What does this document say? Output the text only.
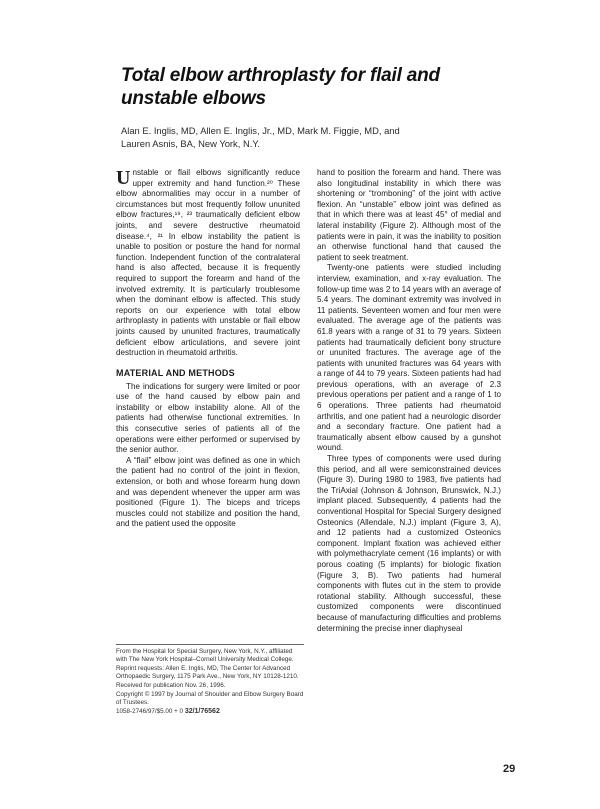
Total elbow arthroplasty for flail and
unstable elbows
Alan E. Inglis, MD, Allen E. Inglis, Jr., MD, Mark M. Figgie, MD, and
Lauren Asnis, BA, New York, N.Y.

Unstable or flail elbows significantly reduce upper extremity and hand function.²⁰ These elbow abnormalities may occur in a number of circumstances but most frequently follow ununited elbow fractures,¹⁹, ²³ traumatically deficient elbow joints, and severe destructive rheumatoid disease.⁴, ²¹ In elbow instability the patient is unable to position or posture the hand for normal function. Independent function of the contralateral hand is also affected, because it is frequently required to support the forearm and hand of the involved extremity. It is particularly troublesome when the dominant elbow is affected. This study reports on our experience with total elbow arthroplasty in patients with unstable or flail elbow joints caused by ununited fractures, traumatically deficient elbow articulations, and severe joint destruction in rheumatoid arthritis.

MATERIAL AND METHODS

The indications for surgery were limited or poor use of the hand caused by elbow pain and instability or elbow instability alone. All of the patients had otherwise functional extremities. In this consecutive series of patients all of the operations were either performed or supervised by the senior author.

A “flail” elbow joint was defined as one in which the patient had no control of the joint in flexion, extension, or both and whose forearm hung down and was dependent whenever the upper arm was positioned (Figure 1). The biceps and triceps muscles could not stabilize and position the hand, and the patient used the opposite

From the Hospital for Special Surgery, New York, N.Y., affiliated with The New York Hospital–Cornell University Medical College.

Reprint requests: Allen E. Inglis, MD, The Center for Advanced Orthopaedic Surgery, 1175 Park Ave., New York, NY 10128-1210.

Received for publication Nov. 26, 1996.

Copyright © 1997 by Journal of Shoulder and Elbow Surgery Board of Trustees.

1058-2746/97/$5.00 + 0 32/1/76562

hand to position the forearm and hand. There was also longitudinal instability in which there was shortening or “tromboning” of the joint with active flexion. An “unstable” elbow joint was defined as that in which there was at least 45° of medial and lateral instability (Figure 2). Although most of the patients were in pain, it was the inability to position an otherwise functional hand that caused the patient to seek treatment.

Twenty-one patients were studied including interview, examination, and x-ray evaluation. The follow-up time was 2 to 14 years with an average of 5.4 years. The dominant extremity was involved in 11 patients. Seventeen women and four men were evaluated. The average age of the patients was 61.8 years with a range of 31 to 79 years. Sixteen patients had traumatically deficient bony structure or ununited fractures. The average age of the patients with ununited fractures was 64 years with a range of 44 to 79 years. Sixteen patients had had previous operations, with an average of 2.3 previous operations per patient and a range of 1 to 6 operations. Three patients had rheumatoid arthritis, and one patient had a neurologic disorder and a secondary fracture. One patient had a traumatically absent elbow caused by a gunshot wound.

Three types of components were used during this period, and all were semiconstrained devices (Figure 3). During 1980 to 1983, five patients had the TriAxial (Johnson & Johnson, Brunswick, N.J.) implant placed. Subsequently, 4 patients had the conventional Hospital for Special Surgery designed Osteonics (Allendale, N.J.) implant (Figure 3, A), and 12 patients had a customized Osteonics component. Implant fixation was achieved either with polymethacrylate cement (16 implants) or with porous coating (5 implants) for biologic fixation (Figure 3, B). Two patients had humeral components with flutes cut in the stem to provide rotational stability. Although successful, these customized components were discontinued because of manufacturing difficulties and problems determining the precise inner diaphyseal

29
